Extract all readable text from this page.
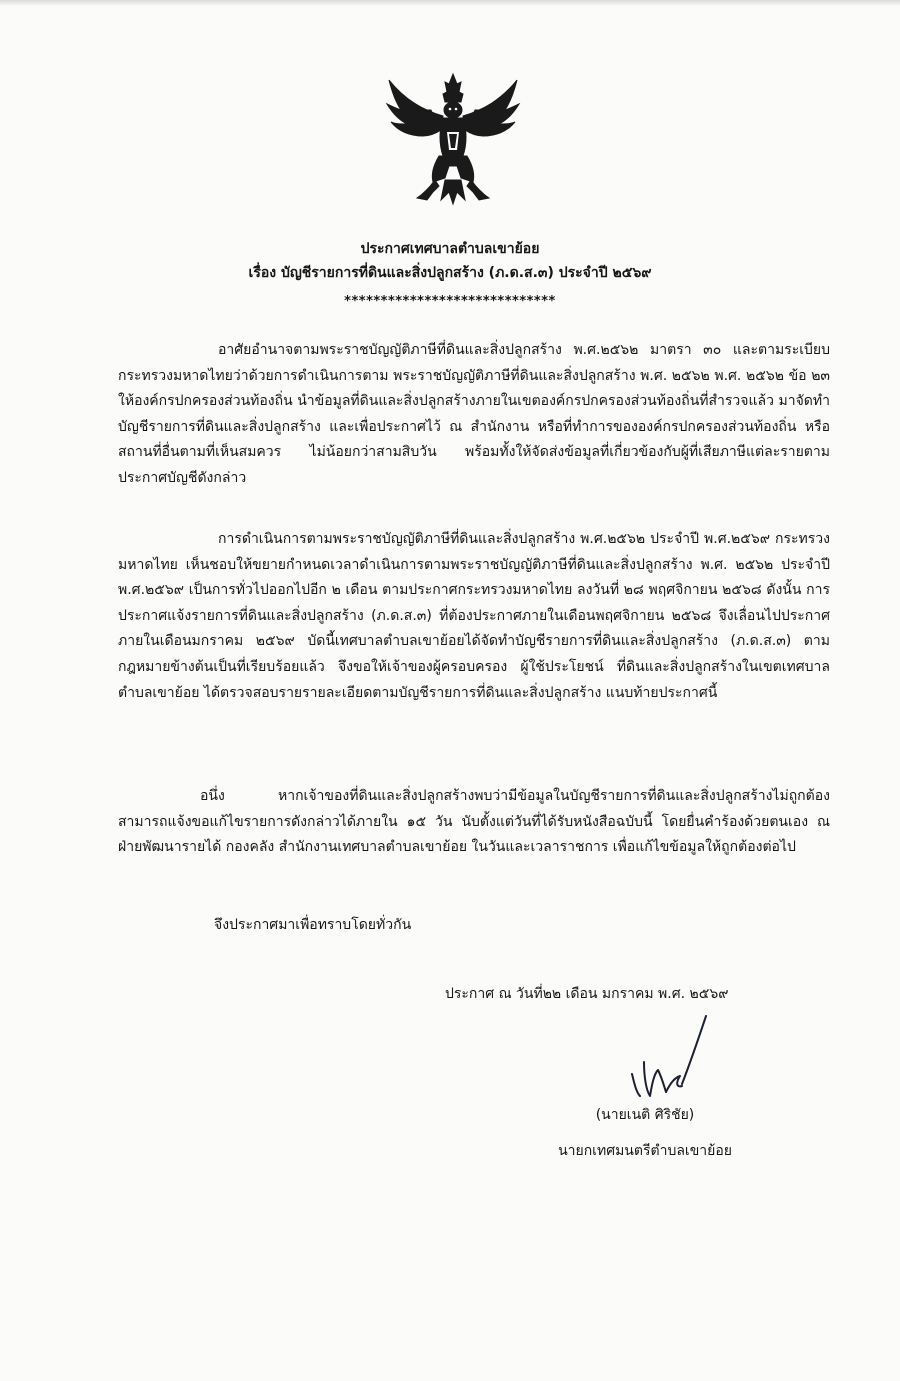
ประกาศเทศบาลตำบลเขาย้อย
เรื่อง บัญชีรายการที่ดินและสิ่งปลูกสร้าง (ภ.ด.ส.๓) ประจำปี ๒๕๖๙
*****************************

อาศัยอำนาจตามพระราชบัญญัติภาษีที่ดินและสิ่งปลูกสร้าง พ.ศ.๒๕๖๒ มาตรา ๓๐ และตามระเบียบกระทรวงมหาดไทยว่าด้วยการดำเนินการตาม พระราชบัญญัติภาษีที่ดินและสิ่งปลูกสร้าง พ.ศ. ๒๕๖๒ พ.ศ. ๒๕๖๒ ข้อ ๒๓ ให้องค์กรปกครองส่วนท้องถิ่น นำข้อมูลที่ดินและสิ่งปลูกสร้างภายในเขตองค์กรปกครองส่วนท้องถิ่นที่สำรวจแล้ว มาจัดทำบัญชีรายการที่ดินและสิ่งปลูกสร้าง และเพื่อประกาศไว้ ณ สำนักงาน หรือที่ทำการขององค์กรปกครองส่วนท้องถิ่น หรือสถานที่อื่นตามที่เห็นสมควร ไม่น้อยกว่าสามสิบวัน พร้อมทั้งให้จัดส่งข้อมูลที่เกี่ยวข้องกับผู้ที่เสียภาษีแต่ละรายตามประกาศบัญชีดังกล่าว

การดำเนินการตามพระราชบัญญัติภาษีที่ดินและสิ่งปลูกสร้าง พ.ศ.๒๕๖๒ ประจำปี พ.ศ.๒๕๖๙ กระทรวงมหาดไทย เห็นชอบให้ขยายกำหนดเวลาดำเนินการตามพระราชบัญญัติภาษีที่ดินและสิ่งปลูกสร้าง พ.ศ. ๒๕๖๒ ประจำปี พ.ศ.๒๕๖๙ เป็นการทั่วไปออกไปอีก ๒ เดือน ตามประกาศกระทรวงมหาดไทย ลงวันที่ ๒๘ พฤศจิกายน ๒๕๖๘ ดังนั้น การประกาศแจ้งรายการที่ดินและสิ่งปลูกสร้าง (ภ.ด.ส.๓) ที่ต้องประกาศภายในเดือนพฤศจิกายน ๒๕๖๘ จึงเลื่อนไปประกาศภายในเดือนมกราคม ๒๕๖๙ บัดนี้เทศบาลตำบลเขาย้อยได้จัดทำบัญชีรายการที่ดินและสิ่งปลูกสร้าง (ภ.ด.ส.๓) ตามกฎหมายข้างต้นเป็นที่เรียบร้อยแล้ว จึงขอให้เจ้าของผู้ครอบครอง ผู้ใช้ประโยชน์ ที่ดินและสิ่งปลูกสร้างในเขตเทศบาลตำบลเขาย้อย ได้ตรวจสอบรายรายละเอียดตามบัญชีรายการที่ดินและสิ่งปลูกสร้าง แนบท้ายประกาศนี้

อนึ่ง หากเจ้าของที่ดินและสิ่งปลูกสร้างพบว่ามีข้อมูลในบัญชีรายการที่ดินและสิ่งปลูกสร้างไม่ถูกต้องสามารถแจ้งขอแก้ไขรายการดังกล่าวได้ภายใน ๑๕ วัน นับตั้งแต่วันที่ได้รับหนังสือฉบับนี้ โดยยื่นคำร้องด้วยตนเอง ณ ฝ่ายพัฒนารายได้ กองคลัง สำนักงานเทศบาลตำบลเขาย้อย ในวันและเวลาราชการ เพื่อแก้ไขข้อมูลให้ถูกต้องต่อไป

จึงประกาศมาเพื่อทราบโดยทั่วกัน
ประกาศ ณ วันที่๒๒ เดือน มกราคม พ.ศ. ๒๕๖๙
(นายเนติ ศิริชัย)
นายกเทศมนตรีตำบลเขาย้อย
